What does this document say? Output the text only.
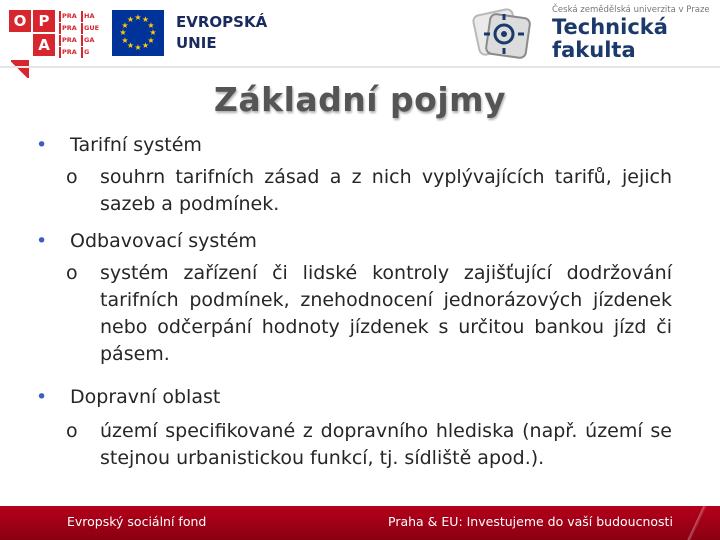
O P
A
PRA	HA
PRA	GUE
PRA	GA
PRA	G
★ ★
★
★
★
★
★
★
★
★
★
★	EVROPSKÁ
UNIE
Česká zemědělská univerzita v Praze
Technická
fakulta
Základní pojmy
• Tarifní systém
o	souhrn tarifních zásad a z nich vyplývajících tarifů, jejich sazeb a podmínek.
• Odbavovací systém
o	systém zařízení či lidské kontroly zajišťující dodržování tarifních podmínek, znehodnocení jednorázových jízdenek nebo odčerpání hodnoty jízdenek s určitou bankou jízd či pásem.
• Dopravní oblast
o	území specifikované z dopravního hlediska (např. území se stejnou urbanistickou funkcí, tj. sídliště apod.).
Evropský sociální fond	Praha & EU: Investujeme do vaší budoucnosti
